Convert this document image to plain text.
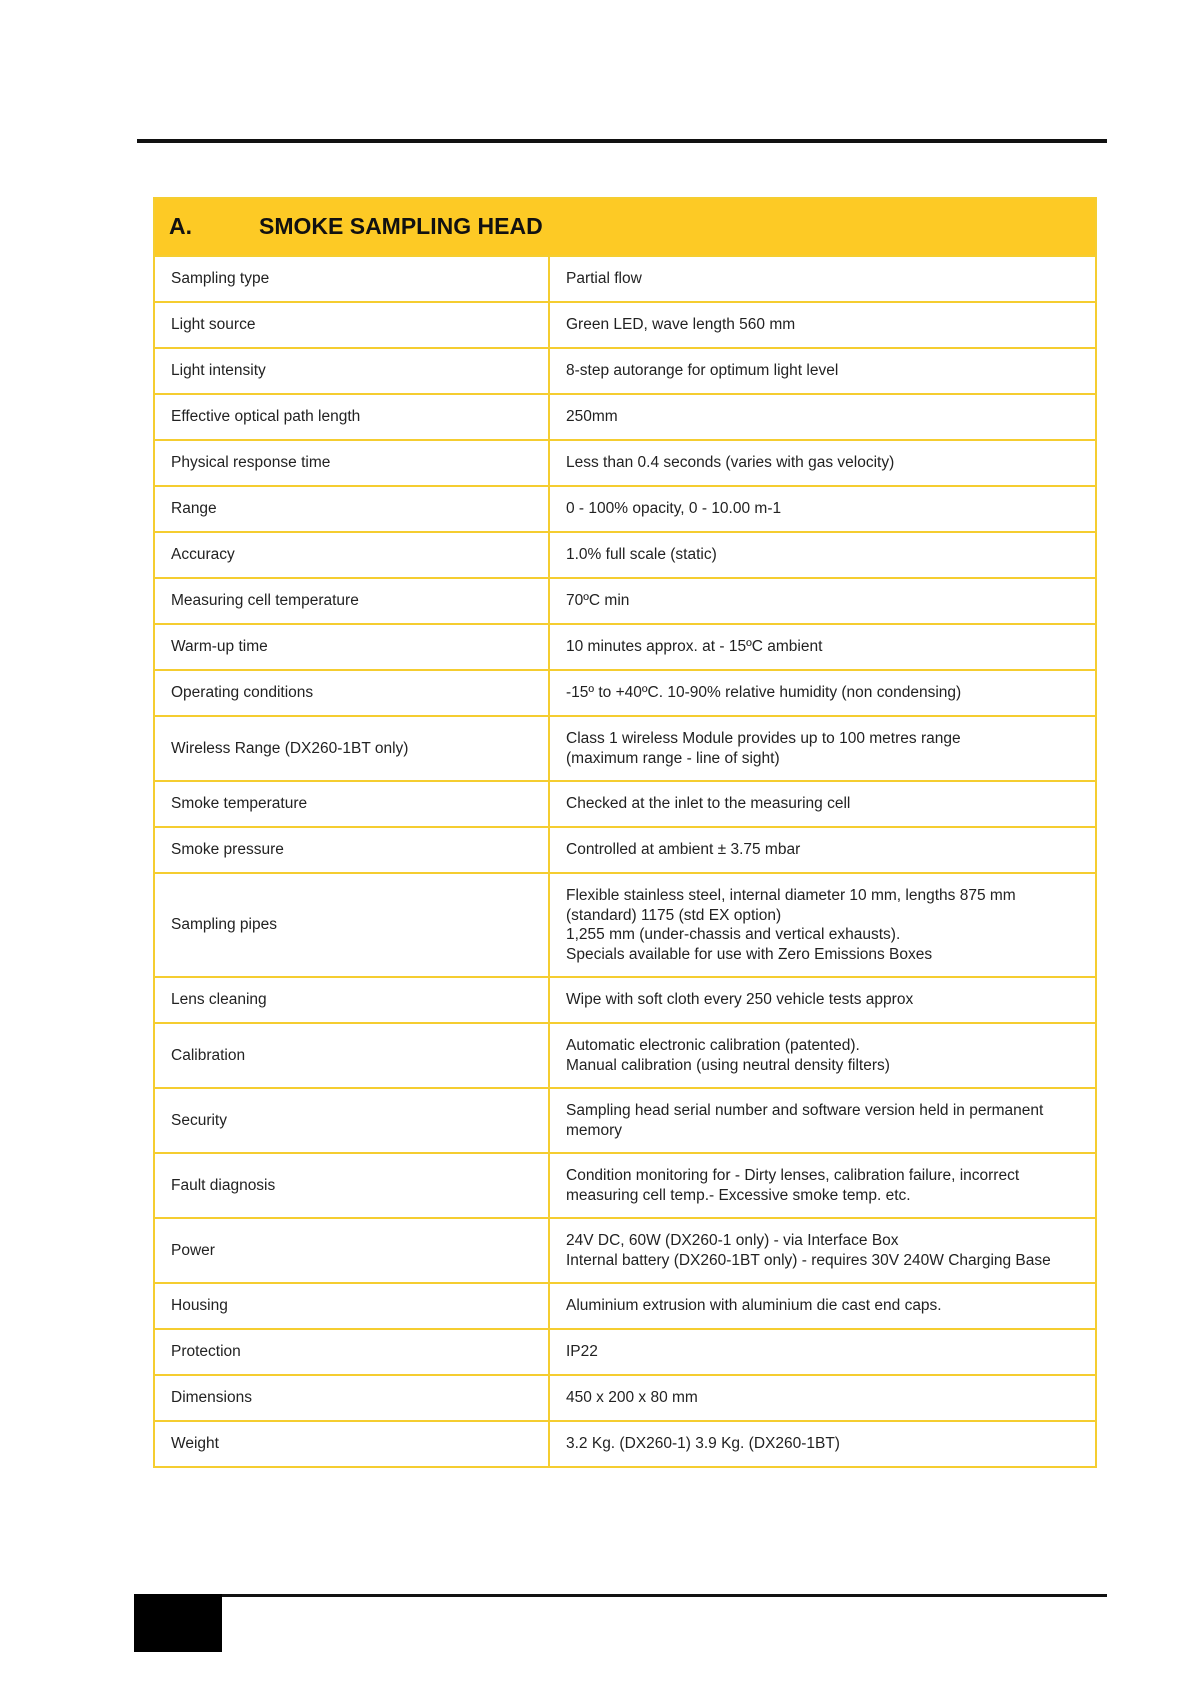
A. SMOKE SAMPLING HEAD	
Sampling type	Partial flow
Light source	Green LED, wave length 560 mm
Light intensity	8-step autorange for optimum light level
Effective optical path length	250mm
Physical response time	Less than 0.4 seconds (varies with gas velocity)
Range	0 - 100% opacity, 0 - 10.00 m-1
Accuracy	1.0% full scale (static)
Measuring cell temperature	70ºC min
Warm-up time	10 minutes approx. at - 15ºC ambient
Operating conditions	-15º to +40ºC. 10-90% relative humidity (non condensing)
Wireless Range (DX260-1BT only)	Class 1 wireless Module provides up to 100 metres range
(maximum range - line of sight)
Smoke temperature	Checked at the inlet to the measuring cell
Smoke pressure	Controlled at ambient ± 3.75 mbar
Sampling pipes	Flexible stainless steel, internal diameter 10 mm, lengths 875 mm
(standard) 1175 (std EX option)
1,255 mm (under-chassis and vertical exhausts).
Specials available for use with Zero Emissions Boxes
Lens cleaning	Wipe with soft cloth every 250 vehicle tests approx
Calibration	Automatic electronic calibration (patented).
Manual calibration (using neutral density filters)
Security	Sampling head serial number and software version held in permanent
memory
Fault diagnosis	Condition monitoring for - Dirty lenses, calibration failure, incorrect
measuring cell temp.- Excessive smoke temp. etc.
Power	24V DC, 60W (DX260-1 only) - via Interface Box
Internal battery (DX260-1BT only) - requires 30V 240W Charging Base
Housing	Aluminium extrusion with aluminium die cast end caps.
Protection	IP22
Dimensions	450 x 200 x 80 mm
Weight	3.2 Kg. (DX260-1) 3.9 Kg. (DX260-1BT)
